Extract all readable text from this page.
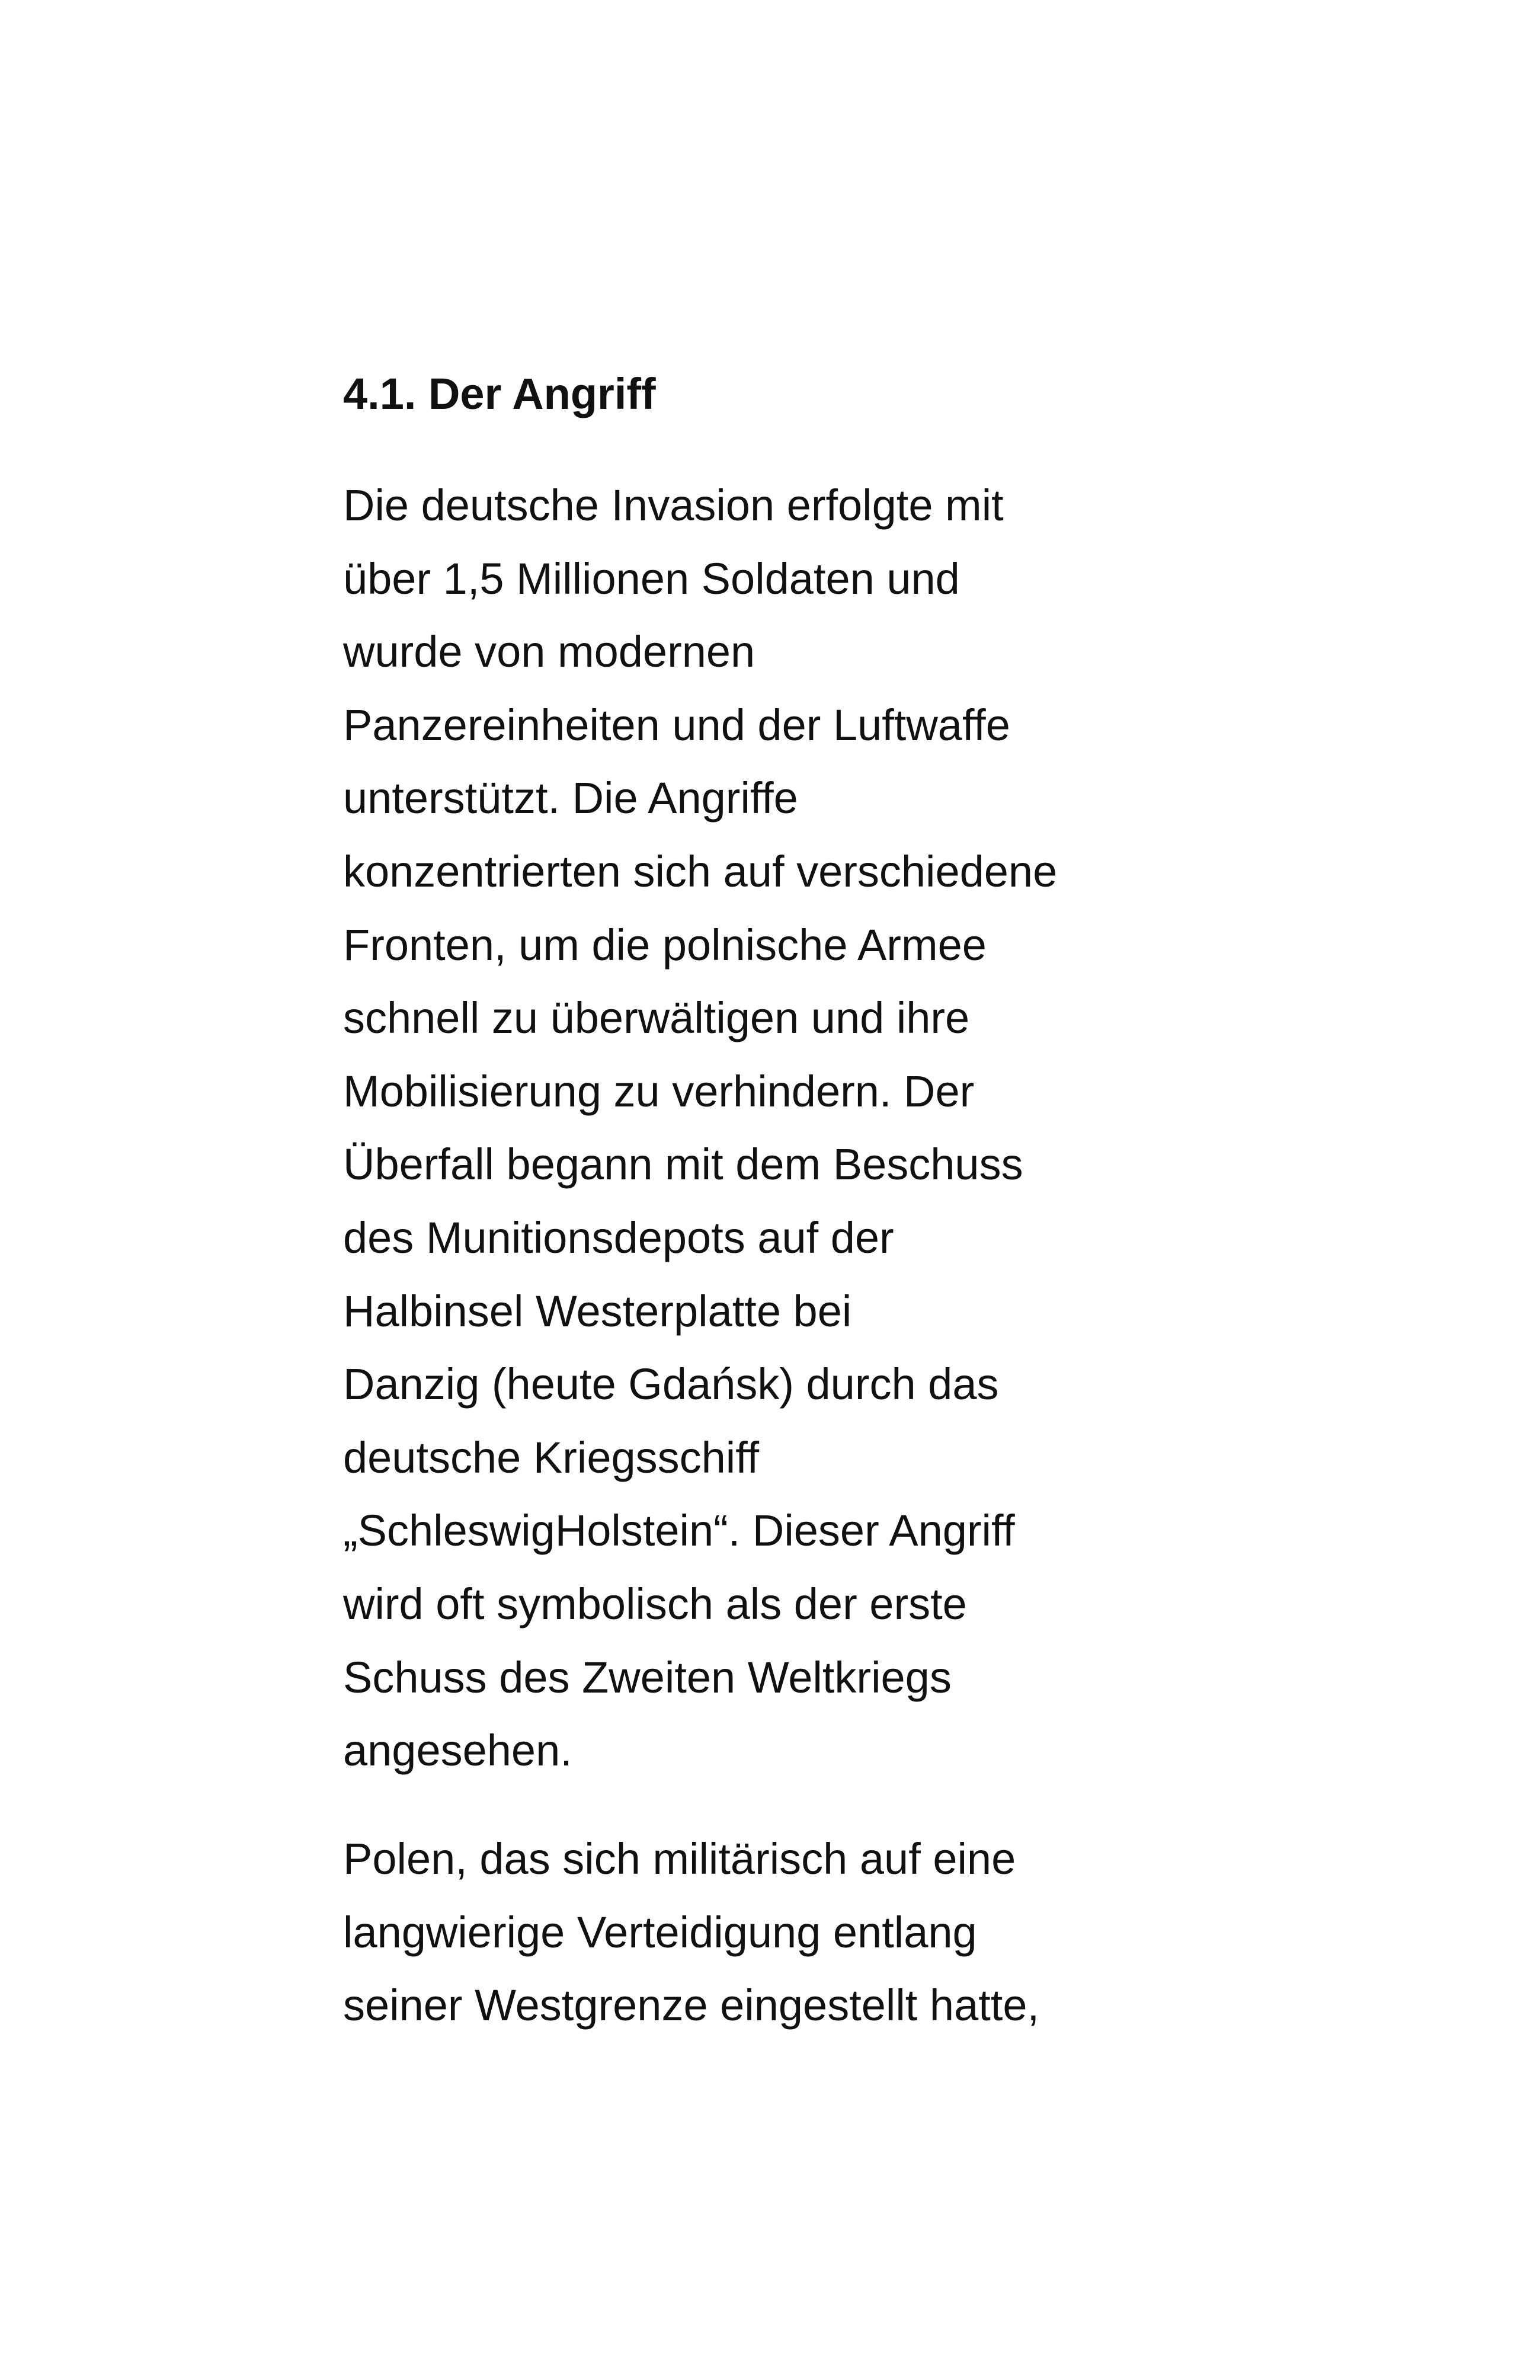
4.1. Der Angriff
Die deutsche Invasion erfolgte mit
über 1,5 Millionen Soldaten und
wurde von modernen
Panzereinheiten und der Luftwaffe
unterstützt. Die Angriffe
konzentrierten sich auf verschiedene
Fronten, um die polnische Armee
schnell zu überwältigen und ihre
Mobilisierung zu verhindern. Der
Überfall begann mit dem Beschuss
des Munitionsdepots auf der
Halbinsel Westerplatte bei
Danzig (heute Gdańsk) durch das
deutsche Kriegsschiff
„SchleswigHolstein“. Dieser Angriff
wird oft symbolisch als der erste
Schuss des Zweiten Weltkriegs
angesehen.
Polen, das sich militärisch auf eine
langwierige Verteidigung entlang
seiner Westgrenze eingestellt hatte,
